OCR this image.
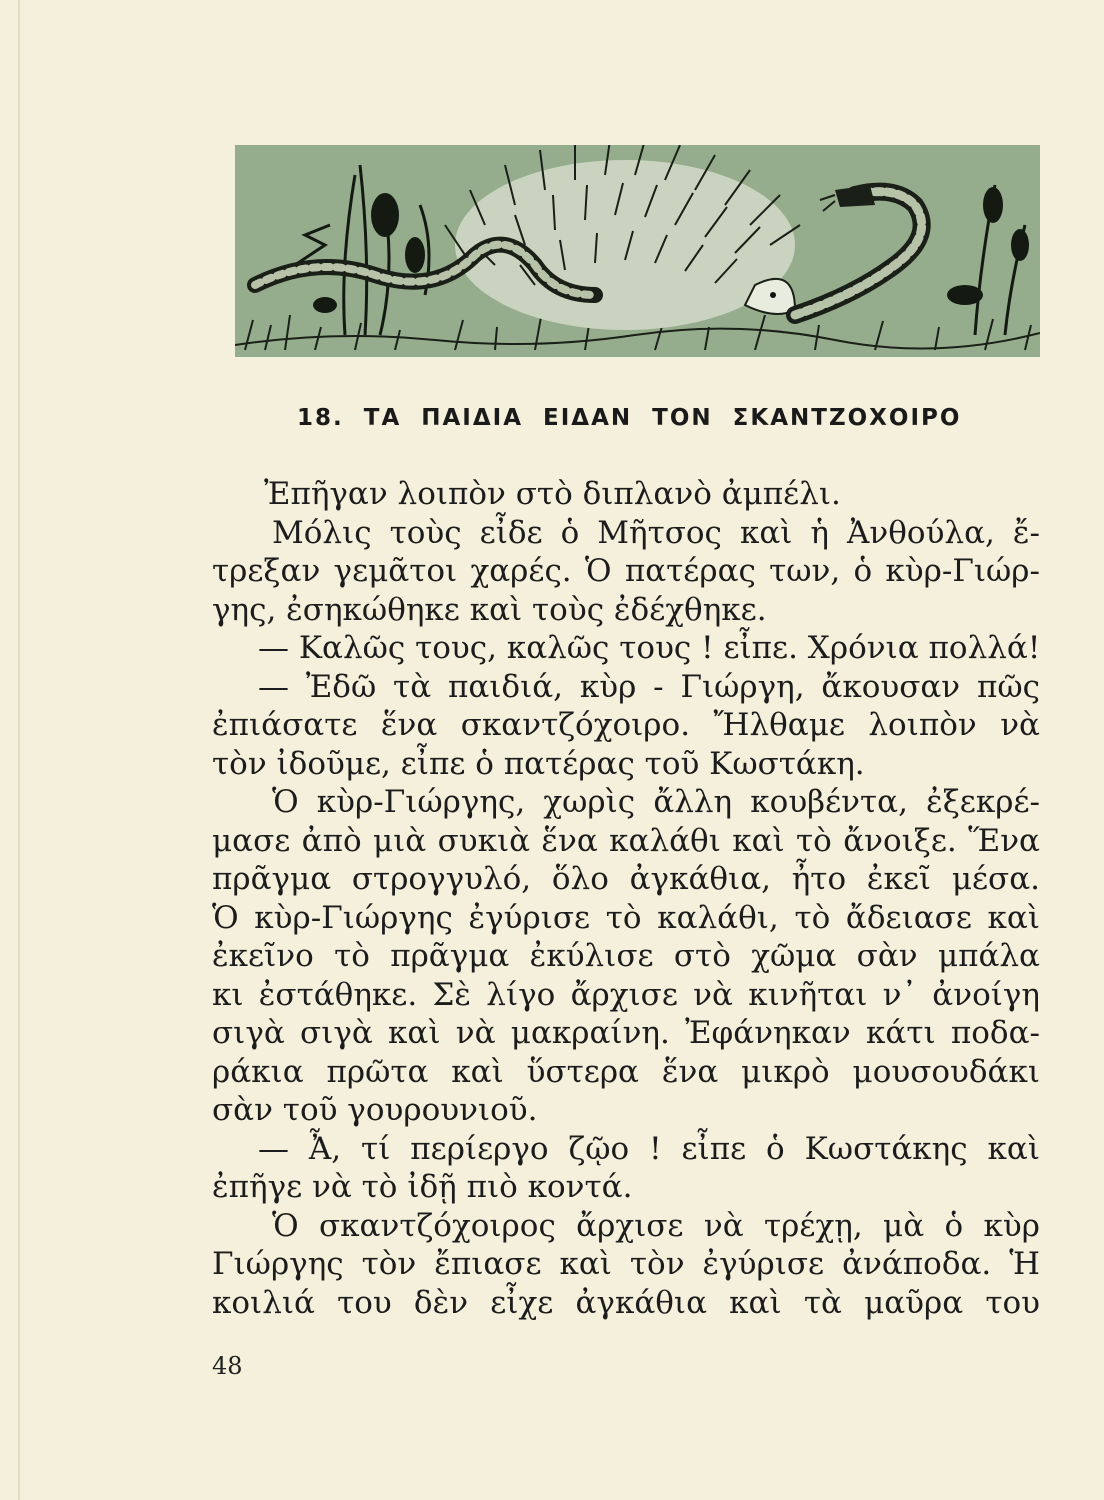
18.  ΤΑ  ΠΑΙΔΙΑ  ΕΙΔΑΝ  ΤΟΝ  ΣΚΑΝΤΖΟΧΟΙΡΟ
Ἐπῆγαν λοιπὸν στὸ διπλανὸ ἀμπέλι.
Μόλις τοὺς εἶδε ὁ Μῆτσος καὶ ἡ Ἀνθούλα, ἔ-
τρεξαν γεμᾶτοι χαρές. Ὁ πατέρας των, ὁ κὺρ-Γιώρ-
γης, ἐσηκώθηκε καὶ τοὺς ἐδέχθηκε.
— Καλῶς τους, καλῶς τους ! εἶπε. Χρόνια πολλά!
— Ἐδῶ τὰ παιδιά, κὺρ - Γιώργη, ἄκουσαν πῶς
ἐπιάσατε ἕνα σκαντζόχοιρο. Ἤλθαμε λοιπὸν νὰ
τὸν ἰδοῦμε, εἶπε ὁ πατέρας τοῦ Κωστάκη.
Ὁ κὺρ-Γιώργης, χωρὶς ἄλλη κουβέντα, ἐξεκρέ-
μασε ἀπὸ μιὰ συκιὰ ἕνα καλάθι καὶ τὸ ἄνοιξε. Ἕνα
πρᾶγμα στρογγυλό, ὅλο ἀγκάθια, ἦτο ἐκεῖ μέσα.
Ὁ κὺρ-Γιώργης ἐγύρισε τὸ καλάθι, τὸ ἄδειασε καὶ
ἐκεῖνο τὸ πρᾶγμα ἐκύλισε στὸ χῶμα σὰν μπάλα
κι ἐστάθηκε. Σὲ λίγο ἄρχισε νὰ κινῆται ν᾽ ἀνοίγη
σιγὰ σιγὰ καὶ νὰ μακραίνη. Ἐφάνηκαν κάτι ποδα-
ράκια πρῶτα καὶ ὕστερα ἕνα μικρὸ μουσουδάκι
σὰν τοῦ γουρουνιοῦ.
— Ἆ, τί περίεργο ζῷο ! εἶπε ὁ Κωστάκης καὶ
ἐπῆγε νὰ τὸ ἰδῇ πιὸ κοντά.
Ὁ σκαντζόχοιρος ἄρχισε νὰ τρέχῃ, μὰ ὁ κὺρ
Γιώργης τὸν ἔπιασε καὶ τὸν ἐγύρισε ἀνάποδα. Ἡ
κοιλιά του δὲν εἶχε ἀγκάθια καὶ τὰ μαῦρα του
48
